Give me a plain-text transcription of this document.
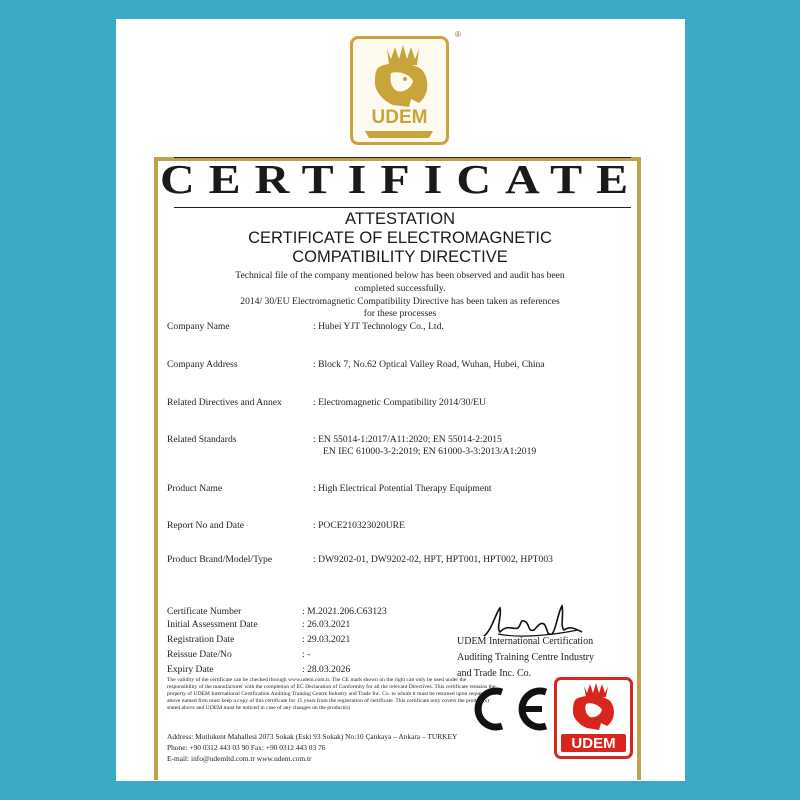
UDEM
®
CERTIFICATE
ATTESTATION
CERTIFICATE OF ELECTROMAGNETIC
COMPATIBILITY DIRECTIVE
Technical file of the company mentioned below has been observed and audit has been
completed successfully.
2014/ 30/EU Electromagnetic Compatibility Directive has been taken as references
for these processes
Company Name	: Hubei YJT Technology Co., Ltd.
Company Address	: Block 7, No.62 Optical Valley Road, Wuhan, Hubei, China
Related Directives and Annex	: Electromagnetic Compatibility 2014/30/EU
Related Standards	: EN 55014-1:2017/A11:2020; EN 55014-2:2015
EN IEC 61000-3-2:2019; EN 61000-3-3:2013/A1:2019
Product Name	: High Electrical Potential Therapy Equipment
Report No and Date	: POCE210323020URE
Product Brand/Model/Type	: DW9202-01, DW9202-02, HPT, HPT001, HPT002, HPT003
Certificate Number	: M.2021.206.C63123
Initial Assessment Date	: 26.03.2021
Registration Date	: 29.03.2021
Reissue Date/No	: -
Expiry Date	: 28.03.2026
The validity of the certificate can be checked through www.udem.com.tr. The CE mark shown on the right can only be used under the responsibility of the manufacturer with the completion of EC Declaration of Conformity for all the relevant Directives. This certificate remains the property of UDEM International Certification Auditing Training Centre Industry and Trade Inc. Co. to whom it must be returned upon request. The above named firm must keep a copy of this certificate for 15 years from the registration of certificate. This certificate only covers the product(s) stated above and UDEM must be noticed in case of any changes on the product(s)
Address: Mutlukent Mahallesi 2073 Sokak (Eski 93 Sokak) No:10 Çankaya – Ankara – TURKEY
Phone: +90 0312 443 03 90 Fax: +90 0312 443 03 76
E-mail: info@udemltd.com.tr www.udem.com.tr
UDEM International Certification
Auditing Training Centre Industry
and Trade Inc. Co.
UDEM
